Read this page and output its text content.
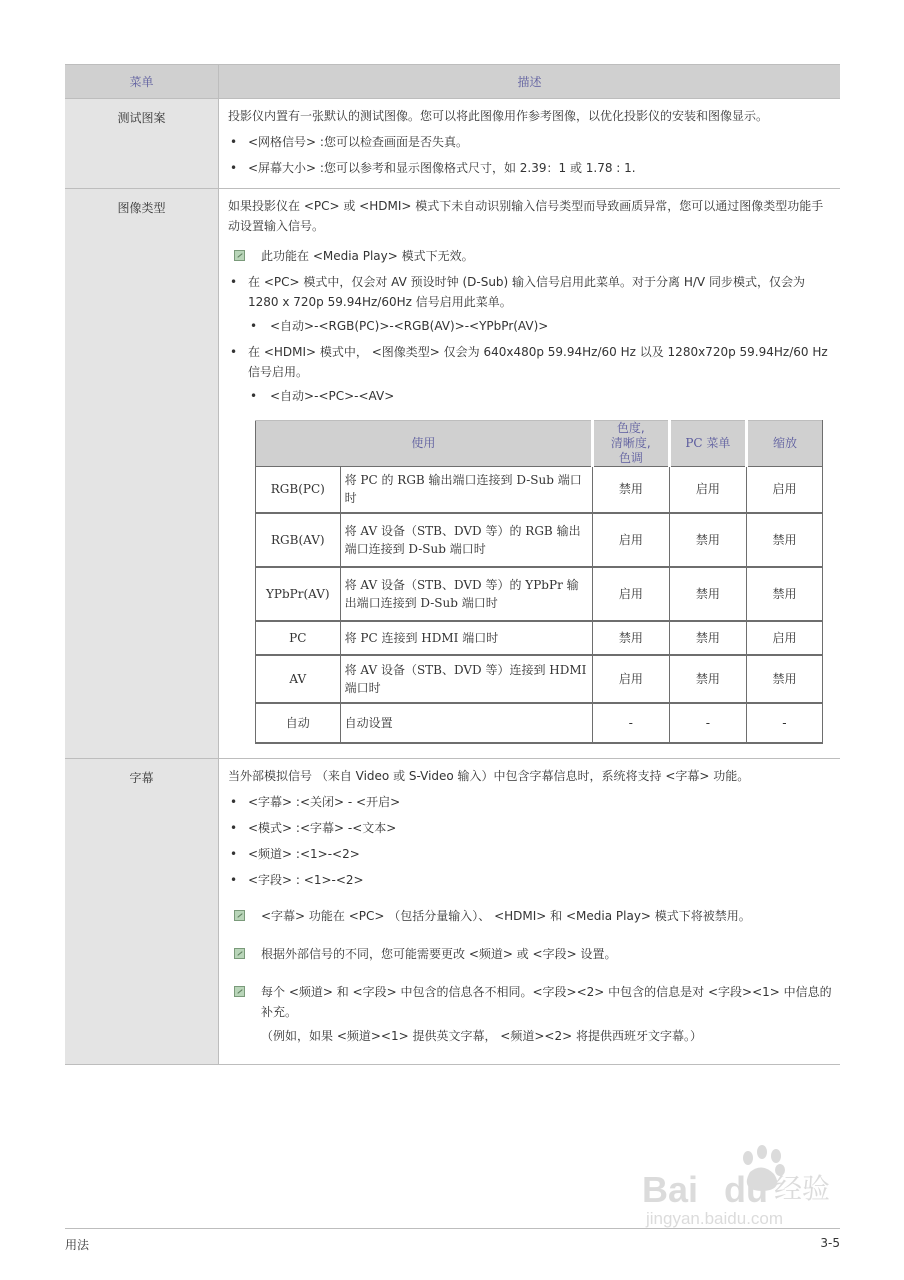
菜单	描述
测试图案	投影仪内置有一张默认的测试图像。您可以将此图像用作参考图像，以优化投影仪的安装和图像显示。

• <网格信号> :您可以检查画面是否失真。
• <屏幕大小> :您可以参考和显示图像格式尺寸，如 2.39：1 或 1.78 : 1.

图像类型	如果投影仪在 <PC> 或 <HDMI> 模式下未自动识别输入信号类型而导致画质异常，您可以通过图像类型功能手动设置输入信号。

此功能在 <Media Play> 模式下无效。
• 在 <PC> 模式中，仅会对 AV 预设时钟 (D-Sub) 输入信号启用此菜单。对于分离 H/V 同步模式，仅会为 1280 x 720p 59.94Hz/60Hz 信号启用此菜单。
• <自动>-<RGB(PC)>-<RGB(AV)>-<YPbPr(AV)>
• 在 <HDMI> 模式中， <图像类型> 仅会为 640x480p 59.94Hz/60 Hz 以及 1280x720p 59.94Hz/60 Hz 信号启用。
• <自动>-<PC>-<AV>
使用	色度,
清晰度,
色调	PC 菜单	缩放
RGB(PC)	将 PC 的 RGB 输出端口连接到 D-Sub 端口时	禁用	启用	启用
RGB(AV)	将 AV 设备（STB、DVD 等）的 RGB 输出端口连接到 D-Sub 端口时	启用	禁用	禁用
YPbPr(AV)	将 AV 设备（STB、DVD 等）的 YPbPr 输出端口连接到 D-Sub 端口时	启用	禁用	禁用
PC	将 PC 连接到 HDMI 端口时	禁用	禁用	启用
AV	将 AV 设备（STB、DVD 等）连接到 HDMI 端口时	启用	禁用	禁用
自动	自动设置	-	-	-

字幕	当外部模拟信号 （来自 Video 或 S-Video 输入）中包含字幕信息时，系统将支持 <字幕> 功能。

• <字幕> :<关闭> - <开启>
• <模式> :<字幕> -<文本>
• <频道> :<1>-<2>
• <字段> : <1>-<2>
<字幕> 功能在 <PC> （包括分量输入）、 <HDMI> 和 <Media Play> 模式下将被禁用。
根据外部信号的不同，您可能需要更改 <频道> 或 <字段> 设置。
每个 <频道> 和 <字段> 中包含的信息各不相同。<字段><2> 中包含的信息是对 <字段><1> 中信息的补充。
（例如，如果 <频道><1> 提供英文字幕， <频道><2> 将提供西班牙文字幕。）
用法	3-5
Bai du 经验
jingyan.baidu.com
